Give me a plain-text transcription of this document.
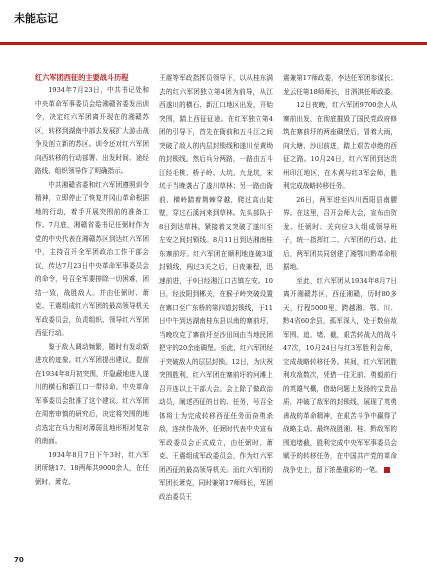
未能忘记

红六军团西征的主要战斗历程

1934年7月23日，中共书记处和中央革命军事委员会给湘赣省委发出训令，决定红六军团离开现在的湘赣苏区，转移到湖南中部去发展扩大游击战争及创立新的苏区。训令还对红六军团向西转移的行动部署、出发时间、途经路线、组织领导作了明确指示。

中共湘赣省委和红六军团遵照训令精神，立即停止了恢复井冈山革命根据地的行动，着手开展突围前的准备工作。7月底，湘赣省委书记任弼时作为党的中央代表在湘赣苏区到达红六军团中，主持召开全军团政治工作干部会议，传达7月23日中央革命军事委员会的命令，号召全军要排除一切困难，团结一致，战胜敌人。并由任弼时、萧克、王震组成红六军团的最高领导机关军政委员会，负责组织、领导红六军团西征行动。

鉴于敌人调动频繁，随时有发动新进攻的迹象。红六军团提出建议，提前在1934年8月初突围，并隐蔽地进入遂川的横石和新江口一带待命。中央革命军事委员会批准了这个建议。红六军团在周密审慎的研究后，决定将突围的地点选定在兵力相对薄弱且地形相对复杂的南面。

1934年8月7日下午3时，红六军团所辖17、18两师共9000余人，在任弼时、萧克、

王震等军政指挥员领导下，以从桂东满去的红六军团独立第4团为前导，从江西遂川的横石、新江口地区出发，开始突围，踏上西征征途。在红军独立第4团的引导下，首先在衙前和五斗江之间突破了敌人的内层封锁线和遂川至黄坳的封锁线。然后兵分两路，一路由五斗江经毛桃、桥子岭、大坑、九龙坑，宋坑于当晚袭占了遂川草林；另一路由衙前、横岭踏着荆棘穿越，爬过高山陡壁，穿过石溪河来到草林。先头部队于8日到达草林。紧接着又突破了遂川至左安之间封锁线。8月11日到达湘南桂东寨前圩。红六军团在顺利地连破3道封锁线，闯过3关之后，日夜兼程，迅速前进，于9日经湘江口古镇左安。10日，经汝阳到郴关，在猴子岭突破设置在寨口至广东桥的第四道封锁线，于11日中午到达湖南桂东县以南的寨前圩，当晚攻克了寨前圩至沙田间由当地民团把守的20余座碉堡。至此，红六军团经于突破敌人的层层封锁。12日，为庆祝突围胜利，红六军团在寨前圩的河滩上召开连以上干部大会。会上除了做政治动员，阐述西征的目的、任务，号召全体将士为完成转移西征任务而奋勇杀敌，连续作战外，任弼时代表中央宣布军政委员会正式成立，由任弼时、萧克、王震组成军政委员会，作为红六军团西征的最高领导机关。而红六军团的军团长萧克，同时兼第17师师长，军团政治委员王

震兼第17师政委，李达任军团参谋长；龙云任第18师师长，甘泗淇任师政委。

12日夜晚，红六军团9700余人从寨前出发，在彻底摧毁了国民党政府修筑在寨前圩的两座碉堡后，冒着大雨，向大塘、沙田前进，踏上艰苦卓绝的西征之路。10月24日，红六军团到达贵州印江地区，在木黄与红3军会师，胜利完成战略转移任务。

26日，两军进至四川酉阳县南腰界。在这里，召开会师大会，宣布由贺龙、任弼时、关向应3人组成领导班子，统一指挥红二、六军团的行动。此后，两军团共同创建了湘鄂川黔革命根据地。

至此，红六军团从1934年8月7日离开湘赣苏区，西征湘赣，历时80多天，行程5000里，跨越湘、鄂、川、黔4省60余县，孤军深入，处于数倍敌军围、追、堵、截，艰苦转战大的战斗47次，10月24日与红3军胜利会师，完成战略转移任务。其间，红六军团胜利攻敌数次，凭借一往无前、勇毅前行的英雄气概，借助问题上发扬的宝贵品质，冲破了敌军的封锁线，展现了英勇善战的革命精神，在艰苦斗争中赢得了战略主动。最终战胜湘、桂、黔敌军的围追堵截，胜利完成中央军军事委员会赋予的转移任务，在中国共产党的革命战争史上，留下浓墨重彩的一笔。

70
